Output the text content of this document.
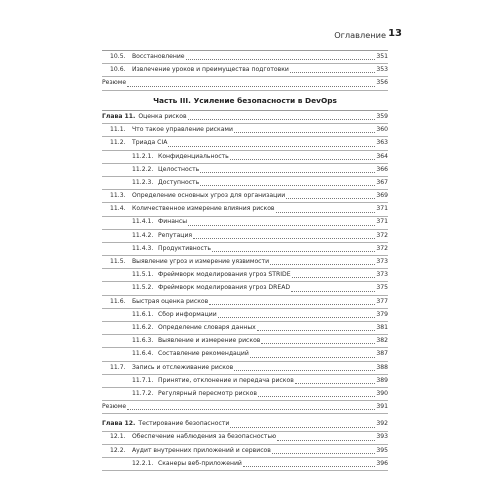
Оглавление 13
10.5.	Восстановление	351
10.6.	Извлечение уроков и преимущества подготовки	353
Резюме	356
Часть III. Усиление безопасности в DevOps
Глава 11. Оценка рисков	359
11.1.	Что такое управление рисками	360
11.2.	Триада CIA	363
11.2.1. Конфиденциальность	364
11.2.2. Целостность	366
11.2.3. Доступность	367
11.3.	Определение основных угроз для организации	369
11.4.	Количественное измерение влияния рисков	371
11.4.1. Финансы	371
11.4.2. Репутация	372
11.4.3. Продуктивность	372
11.5.	Выявление угроз и измерение уязвимости	373
11.5.1. Фреймворк моделирования угроз STRIDE	373
11.5.2. Фреймворк моделирования угроз DREAD	375
11.6.	Быстрая оценка рисков	377
11.6.1. Сбор информации	379
11.6.2. Определение словаря данных	381
11.6.3. Выявление и измерение рисков	382
11.6.4. Составление рекомендаций	387
11.7.	Запись и отслеживание рисков	388
11.7.1. Принятие, отклонение и передача рисков	389
11.7.2. Регулярный пересмотр рисков	390
Резюме	391
Глава 12. Тестирование безопасности	392
12.1.	Обеспечение наблюдения за безопасностью	393
12.2.	Аудит внутренних приложений и сервисов	395
12.2.1. Сканеры веб-приложений	396
